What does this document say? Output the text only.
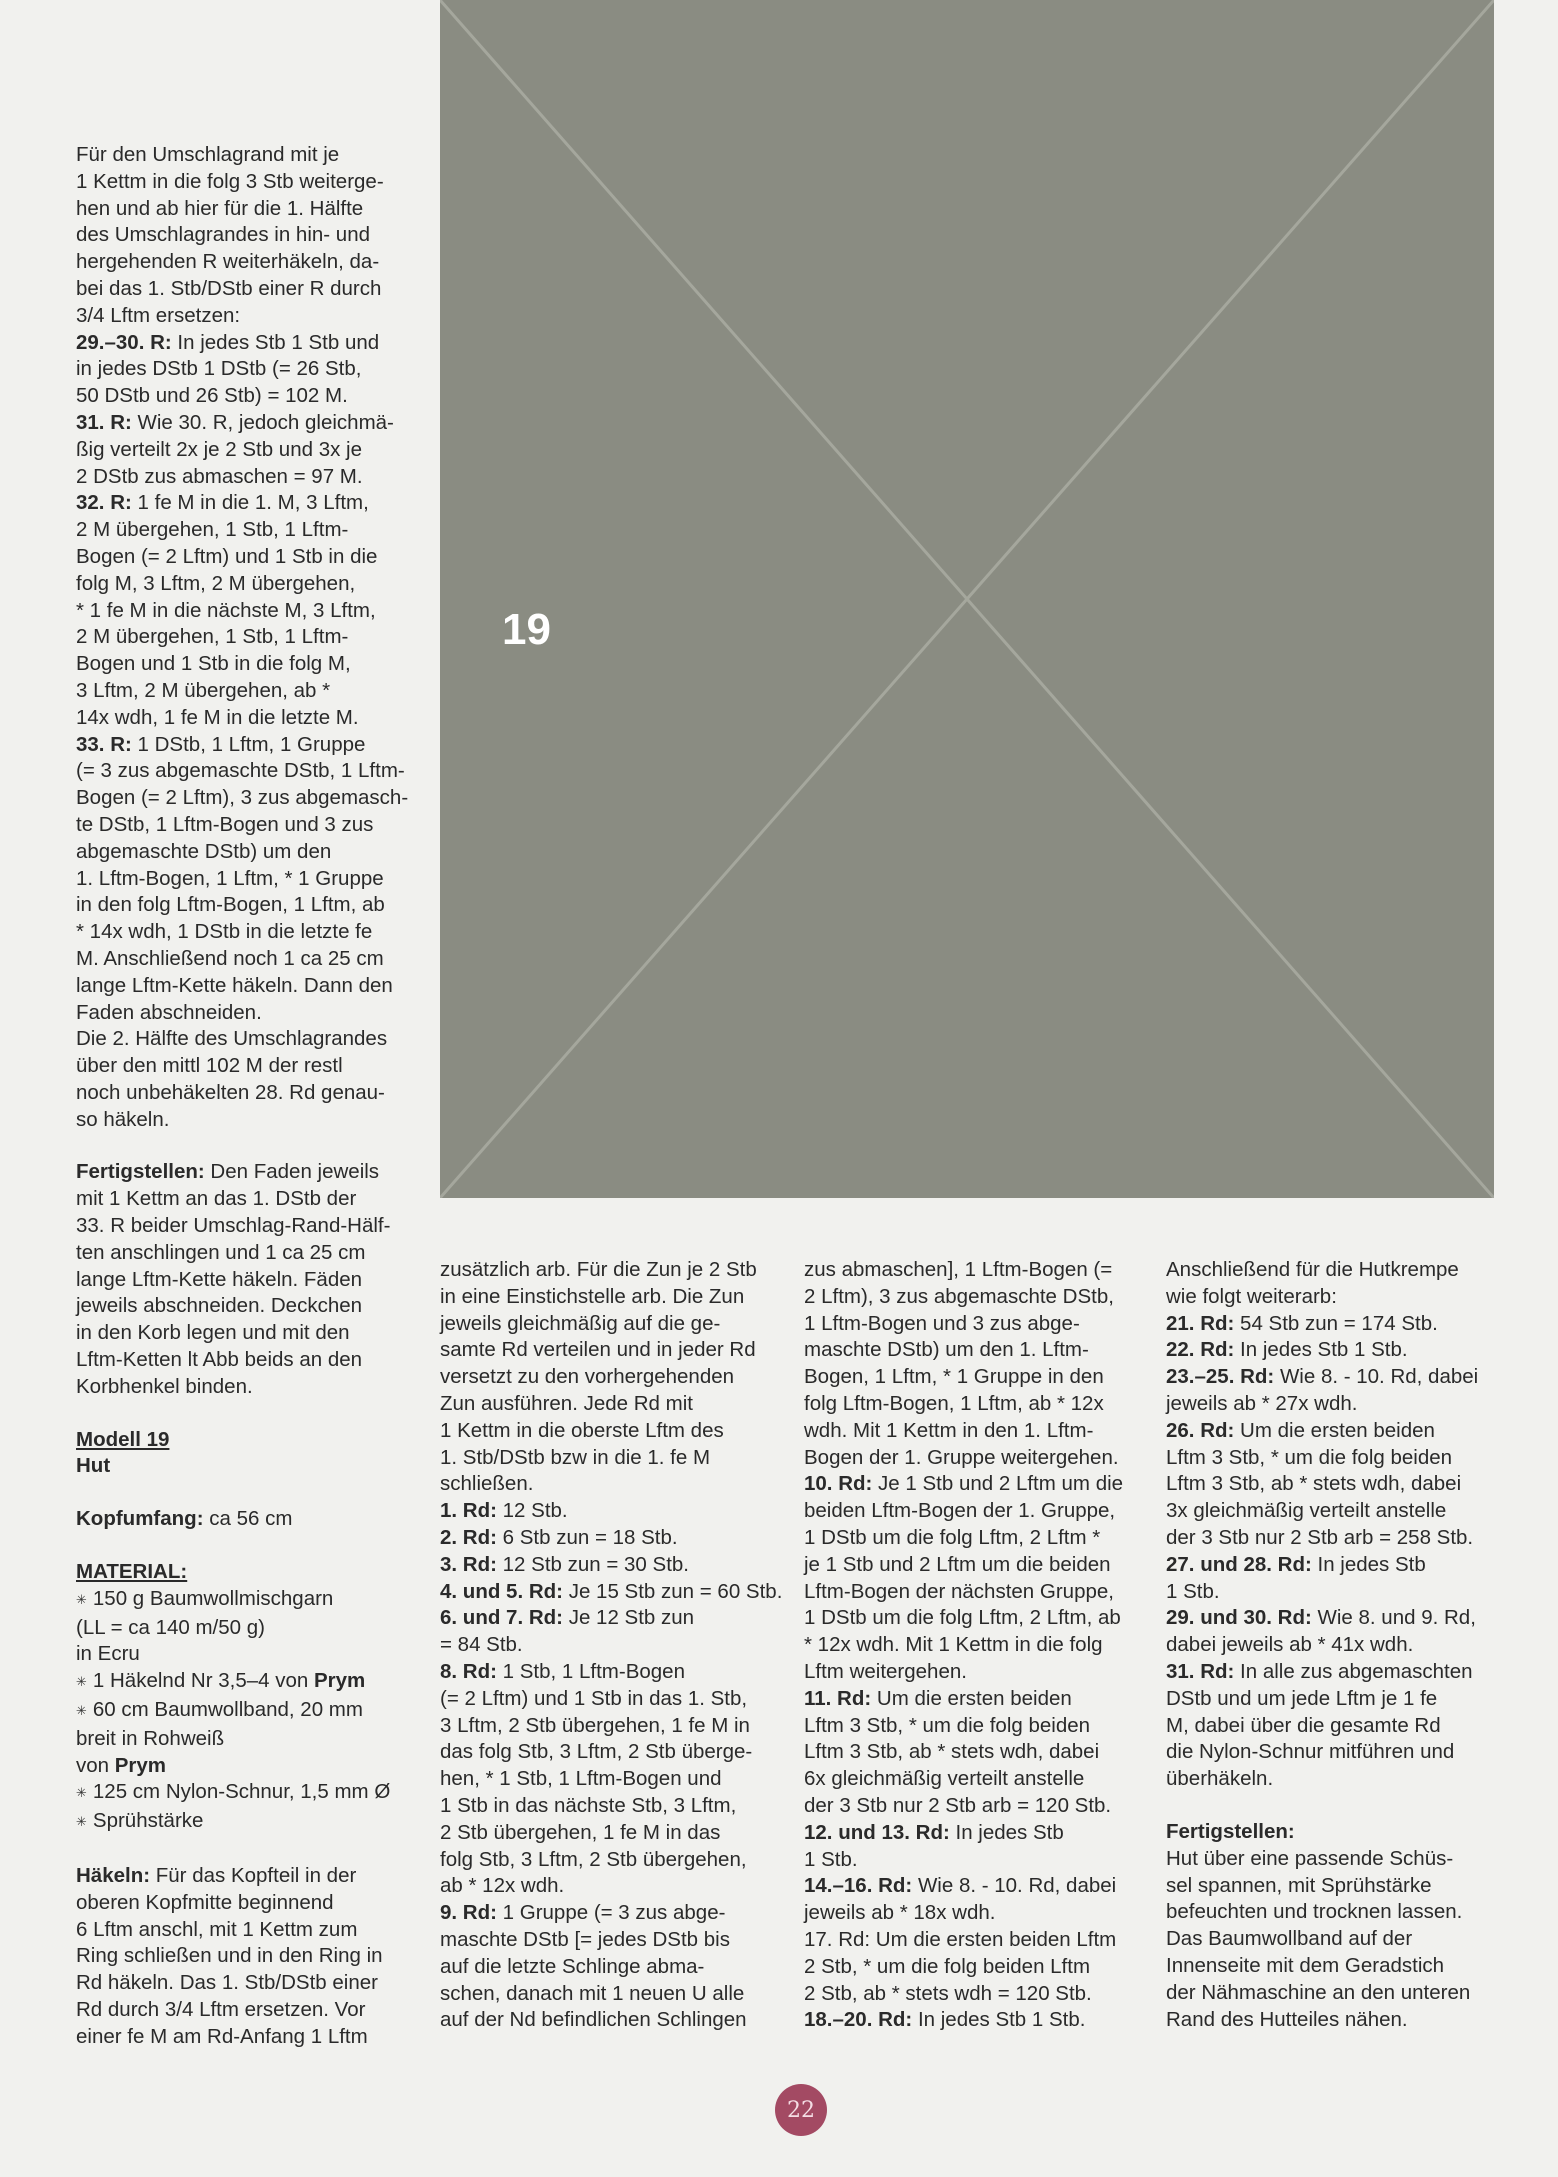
19

Für den Umschlagrand mit je

1 Kettm in die folg 3 Stb weiterge-

hen und ab hier für die 1. Hälfte

des Umschlagrandes in hin- und

hergehenden R weiterhäkeln, da-

bei das 1. Stb/DStb einer R durch

3/4 Lftm ersetzen:

29.–30. R: In jedes Stb 1 Stb und

in jedes DStb 1 DStb (= 26 Stb,

50 DStb und 26 Stb) = 102 M.

31. R: Wie 30. R, jedoch gleichmä-

ßig verteilt 2x je 2 Stb und 3x je

2 DStb zus abmaschen = 97 M.

32. R: 1 fe M in die 1. M, 3 Lftm,

2 M übergehen, 1 Stb, 1 Lftm-

Bogen (= 2 Lftm) und 1 Stb in die

folg M, 3 Lftm, 2 M übergehen,

* 1 fe M in die nächste M, 3 Lftm,

2 M übergehen, 1 Stb, 1 Lftm-

Bogen und 1 Stb in die folg M,

3 Lftm, 2 M übergehen, ab *

14x wdh, 1 fe M in die letzte M.

33. R: 1 DStb, 1 Lftm, 1 Gruppe

(= 3 zus abgemaschte DStb, 1 Lftm-

Bogen (= 2 Lftm), 3 zus abgemasch-

te DStb, 1 Lftm-Bogen und 3 zus

abgemaschte DStb) um den

1. Lftm-Bogen, 1 Lftm, * 1 Gruppe

in den folg Lftm-Bogen, 1 Lftm, ab

* 14x wdh, 1 DStb in die letzte fe

M. Anschließend noch 1 ca 25 cm

lange Lftm-Kette häkeln. Dann den

Faden abschneiden.

Die 2. Hälfte des Umschlagrandes

über den mittl 102 M der restl

noch unbehäkelten 28. Rd genau-

so häkeln.

Fertigstellen: Den Faden jeweils

mit 1 Kettm an das 1. DStb der

33. R beider Umschlag-Rand-Hälf-

ten anschlingen und 1 ca 25 cm

lange Lftm-Kette häkeln. Fäden

jeweils abschneiden. Deckchen

in den Korb legen und mit den

Lftm-Ketten lt Abb beids an den

Korbhenkel binden.

Modell 19

Hut

Kopfumfang: ca 56 cm

MATERIAL:

✳ 150 g Baumwollmischgarn

(LL = ca 140 m/50 g)

in Ecru

✳ 1 Häkelnd Nr 3,5–4 von Prym

✳ 60 cm Baumwollband, 20 mm

breit in Rohweiß

von Prym

✳ 125 cm Nylon-Schnur, 1,5 mm Ø

✳ Sprühstärke

Häkeln: Für das Kopfteil in der

oberen Kopfmitte beginnend

6 Lftm anschl, mit 1 Kettm zum

Ring schließen und in den Ring in

Rd häkeln. Das 1. Stb/DStb einer

Rd durch 3/4 Lftm ersetzen. Vor

einer fe M am Rd-Anfang 1 Lftm

zusätzlich arb. Für die Zun je 2 Stb

in eine Einstichstelle arb. Die Zun

jeweils gleichmäßig auf die ge-

samte Rd verteilen und in jeder Rd

versetzt zu den vorhergehenden

Zun ausführen. Jede Rd mit

1 Kettm in die oberste Lftm des

1. Stb/DStb bzw in die 1. fe M

schließen.

1. Rd: 12 Stb.

2. Rd: 6 Stb zun = 18 Stb.

3. Rd: 12 Stb zun = 30 Stb.

4. und 5. Rd: Je 15 Stb zun = 60 Stb.

6. und 7. Rd: Je 12 Stb zun

= 84 Stb.

8. Rd: 1 Stb, 1 Lftm-Bogen

(= 2 Lftm) und 1 Stb in das 1. Stb,

3 Lftm, 2 Stb übergehen, 1 fe M in

das folg Stb, 3 Lftm, 2 Stb überge-

hen, * 1 Stb, 1 Lftm-Bogen und

1 Stb in das nächste Stb, 3 Lftm,

2 Stb übergehen, 1 fe M in das

folg Stb, 3 Lftm, 2 Stb übergehen,

ab * 12x wdh.

9. Rd: 1 Gruppe (= 3 zus abge-

maschte DStb [= jedes DStb bis

auf die letzte Schlinge abma-

schen, danach mit 1 neuen U alle

auf der Nd befindlichen Schlingen

zus abmaschen], 1 Lftm-Bogen (=

2 Lftm), 3 zus abgemaschte DStb,

1 Lftm-Bogen und 3 zus abge-

maschte DStb) um den 1. Lftm-

Bogen, 1 Lftm, * 1 Gruppe in den

folg Lftm-Bogen, 1 Lftm, ab * 12x

wdh. Mit 1 Kettm in den 1. Lftm-

Bogen der 1. Gruppe weitergehen.

10. Rd: Je 1 Stb und 2 Lftm um die

beiden Lftm-Bogen der 1. Gruppe,

1 DStb um die folg Lftm, 2 Lftm *

je 1 Stb und 2 Lftm um die beiden

Lftm-Bogen der nächsten Gruppe,

1 DStb um die folg Lftm, 2 Lftm, ab

* 12x wdh. Mit 1 Kettm in die folg

Lftm weitergehen.

11. Rd: Um die ersten beiden

Lftm 3 Stb, * um die folg beiden

Lftm 3 Stb, ab * stets wdh, dabei

6x gleichmäßig verteilt anstelle

der 3 Stb nur 2 Stb arb = 120 Stb.

12. und 13. Rd: In jedes Stb

1 Stb.

14.–16. Rd: Wie 8. - 10. Rd, dabei

jeweils ab * 18x wdh.

17. Rd: Um die ersten beiden Lftm

2 Stb, * um die folg beiden Lftm

2 Stb, ab * stets wdh = 120 Stb.

18.–20. Rd: In jedes Stb 1 Stb.

Anschließend für die Hutkrempe

wie folgt weiterarb:

21. Rd: 54 Stb zun = 174 Stb.

22. Rd: In jedes Stb 1 Stb.

23.–25. Rd: Wie 8. - 10. Rd, dabei

jeweils ab * 27x wdh.

26. Rd: Um die ersten beiden

Lftm 3 Stb, * um die folg beiden

Lftm 3 Stb, ab * stets wdh, dabei

3x gleichmäßig verteilt anstelle

der 3 Stb nur 2 Stb arb = 258 Stb.

27. und 28. Rd: In jedes Stb

1 Stb.

29. und 30. Rd: Wie 8. und 9. Rd,

dabei jeweils ab * 41x wdh.

31. Rd: In alle zus abgemaschten

DStb und um jede Lftm je 1 fe

M, dabei über die gesamte Rd

die Nylon-Schnur mitführen und

überhäkeln.

Fertigstellen:

Hut über eine passende Schüs-

sel spannen, mit Sprühstärke

befeuchten und trocknen lassen.

Das Baumwollband auf der

Innenseite mit dem Geradstich

der Nähmaschine an den unteren

Rand des Hutteiles nähen.

22
